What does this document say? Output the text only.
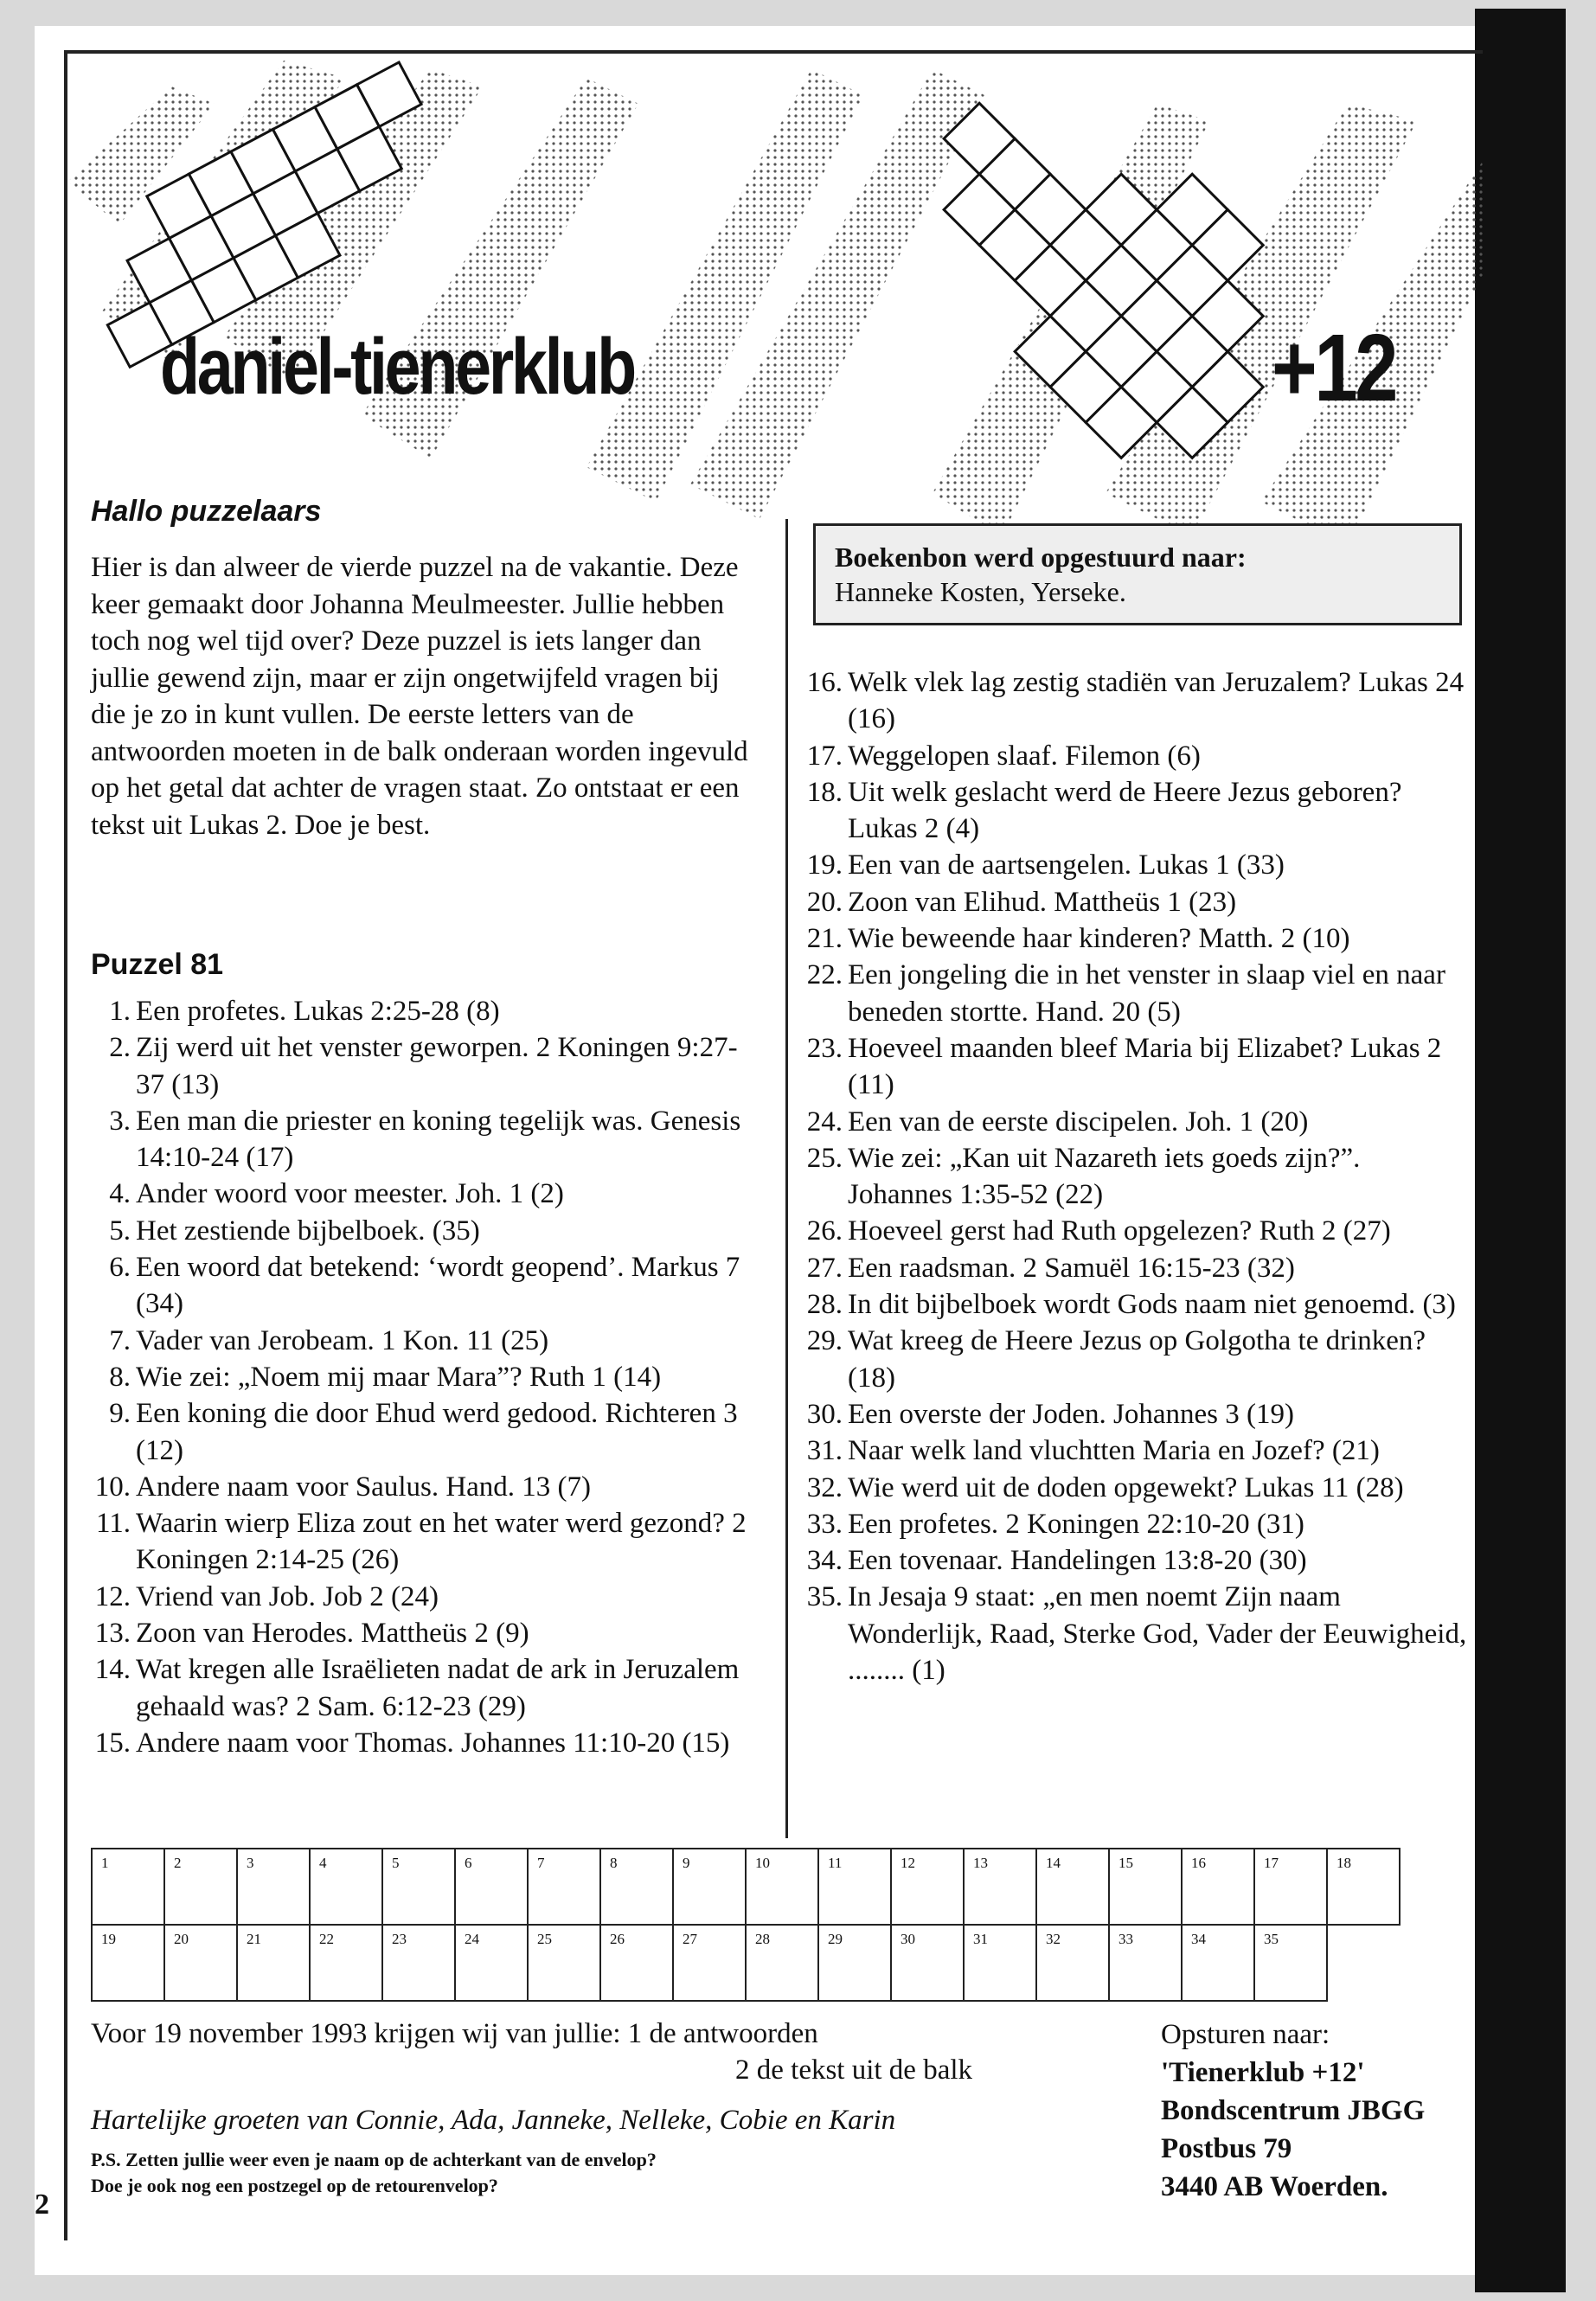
daniel-tienerklub	+12
Hallo puzzelaars

Hier is dan alweer de vierde puzzel na de vakantie. Deze keer gemaakt door Johanna Meulmeester. Jullie hebben toch nog wel tijd over? Deze puzzel is iets langer dan jullie gewend zijn, maar er zijn ongetwijfeld vragen bij die je zo in kunt vullen. De eerste letters van de antwoorden moeten in de balk onderaan worden ingevuld op het getal dat achter de vragen staat. Zo ontstaat er een tekst uit Lukas 2. Doe je best.

Boekenbon werd opgestuurd naar:
Hanneke Kosten, Yerseke.
Puzzel 81
1. Een profetes. Lukas 2:25-28 (8)
2. Zij werd uit het venster geworpen. 2 Koningen 9:27-37 (13)
3. Een man die priester en koning tegelijk was. Genesis 14:10-24 (17)
4. Ander woord voor meester. Joh. 1 (2)
5. Het zestiende bijbelboek. (35)
6. Een woord dat betekend: ‘wordt geopend’. Markus 7 (34)
7. Vader van Jerobeam. 1 Kon. 11 (25)
8. Wie zei: „Noem mij maar Mara”? Ruth 1 (14)
9. Een koning die door Ehud werd gedood. Richteren 3 (12)
10. Andere naam voor Saulus. Hand. 13 (7)
11. Waarin wierp Eliza zout en het water werd gezond? 2 Koningen 2:14-25 (26)
12. Vriend van Job. Job 2 (24)
13. Zoon van Herodes. Mattheüs 2 (9)
14. Wat kregen alle Israëlieten nadat de ark in Jeruzalem gehaald was? 2 Sam. 6:12-23 (29)
15. Andere naam voor Thomas. Johannes 11:10-20 (15)
16. Welk vlek lag zestig stadiën van Jeruzalem? Lukas 24 (16)
17. Weggelopen slaaf. Filemon (6)
18. Uit welk geslacht werd de Heere Jezus geboren? Lukas 2 (4)
19. Een van de aartsengelen. Lukas 1 (33)
20. Zoon van Elihud. Mattheüs 1 (23)
21. Wie beweende haar kinderen? Matth. 2 (10)
22. Een jongeling die in het venster in slaap viel en naar beneden stortte. Hand. 20 (5)
23. Hoeveel maanden bleef Maria bij Elizabet? Lukas 2 (11)
24. Een van de eerste discipelen. Joh. 1 (20)
25. Wie zei: „Kan uit Nazareth iets goeds zijn?”. Johannes 1:35-52 (22)
26. Hoeveel gerst had Ruth opgelezen? Ruth 2 (27)
27. Een raadsman. 2 Samuël 16:15-23 (32)
28. In dit bijbelboek wordt Gods naam niet genoemd. (3)
29. Wat kreeg de Heere Jezus op Golgotha te drinken? (18)
30. Een overste der Joden. Johannes 3 (19)
31. Naar welk land vluchtten Maria en Jozef? (21)
32. Wie werd uit de doden opgewekt? Lukas 11 (28)
33. Een profetes. 2 Koningen 22:10-20 (31)
34. Een tovenaar. Handelingen 13:8-20 (30)
35. In Jesaja 9 staat: „en men noemt Zijn naam Wonderlijk, Raad, Sterke God, Vader der Eeuwigheid, ........ (1)
1	2	3	4	5	6	7	8	9	10	11	12	13	14	15	16	17	18
19	20	21	22	23	24	25	26	27	28	29	30	31	32	33	34	35	
Voor 19 november 1993 krijgen wij van jullie: 1 de antwoorden
2 de tekst uit de balk
Hartelijke groeten van Connie, Ada, Janneke, Nelleke, Cobie en Karin
P.S. Zetten jullie weer even je naam op de achterkant van de envelop?
Doe je ook nog een postzegel op de retourenvelop?
Opsturen naar:
'Tienerklub +12'
Bondscentrum JBGG
Postbus 79
3440 AB Woerden.
2
